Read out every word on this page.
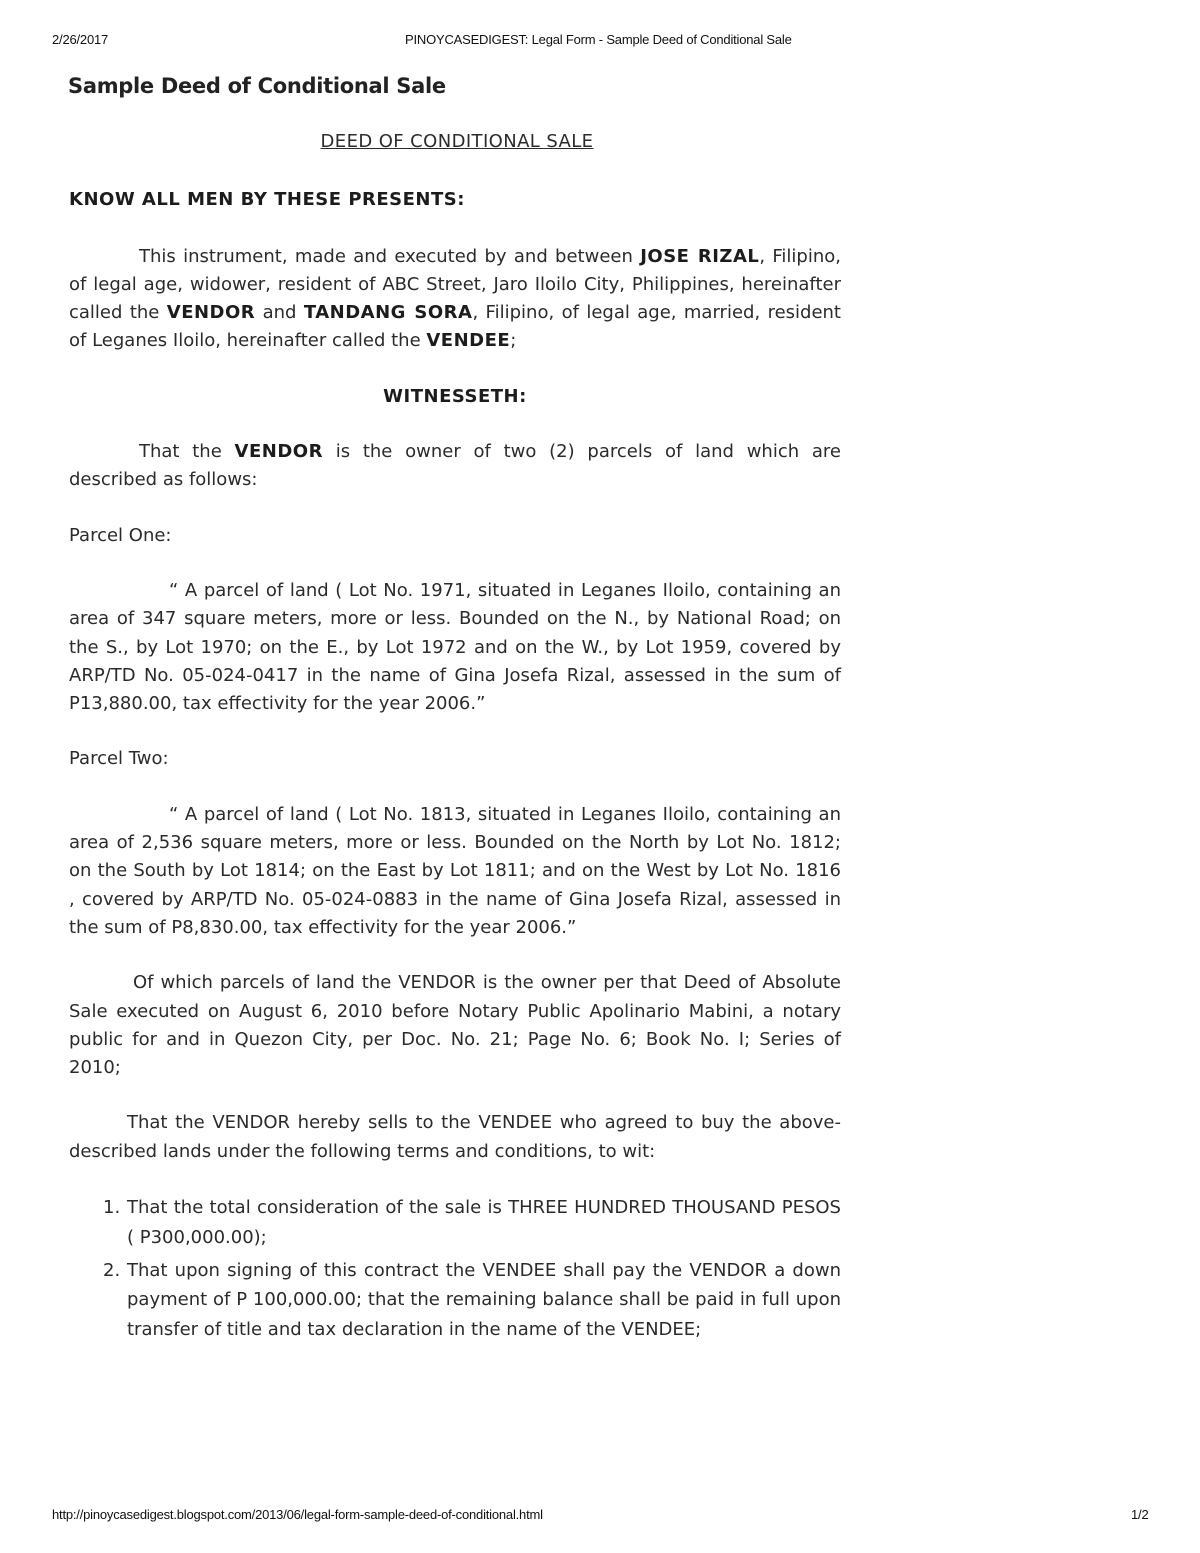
2/26/2017	PINOYCASEDIGEST: Legal Form - Sample Deed of Conditional Sale
Sample Deed of Conditional Sale

DEED OF CONDITIONAL SALE

KNOW ALL MEN BY THESE PRESENTS:

This instrument, made and executed by and between JOSE RIZAL, Filipino, of legal age, widower, resident of ABC Street, Jaro Iloilo City, Philippines, hereinafter called the VENDOR and TANDANG SORA, Filipino, of legal age, married, resident of Leganes Iloilo, hereinafter called the VENDEE;

WITNESSETH:

That the VENDOR is the owner of two (2) parcels of land which are described as follows:

Parcel One:

“ A parcel of land ( Lot No. 1971, situated in Leganes Iloilo, containing an area of 347 square meters, more or less. Bounded on the N., by National Road; on the S., by Lot 1970; on the E., by Lot 1972 and on the W., by Lot 1959, covered by ARP/TD No. 05-024-0417 in the name of Gina Josefa Rizal, assessed in the sum of P13,880.00, tax effectivity for the year 2006.”

Parcel Two:

“ A parcel of land ( Lot No. 1813, situated in Leganes Iloilo, containing an area of 2,536 square meters, more or less. Bounded on the North by Lot No. 1812; on the South by Lot 1814; on the East by Lot 1811; and on the West by Lot No. 1816 , covered by ARP/TD No. 05-024-0883 in the name of Gina Josefa Rizal, assessed in the sum of P8,830.00, tax effectivity for the year 2006.”

Of which parcels of land the VENDOR is the owner per that Deed of Absolute Sale executed on August 6, 2010 before Notary Public Apolinario Mabini, a notary public for and in Quezon City, per Doc. No. 21; Page No. 6; Book No. I; Series of 2010;

That the VENDOR hereby sells to the VENDEE who agreed to buy the above-described lands under the following terms and conditions, to wit:

1. That the total consideration of the sale is THREE HUNDRED THOUSAND PESOS ( P300,000.00);
2. That upon signing of this contract the VENDEE shall pay the VENDOR a down payment of P 100,000.00; that the remaining balance shall be paid in full upon transfer of title and tax declaration in the name of the VENDEE;
http://pinoycasedigest.blogspot.com/2013/06/legal-form-sample-deed-of-conditional.html	1/2
